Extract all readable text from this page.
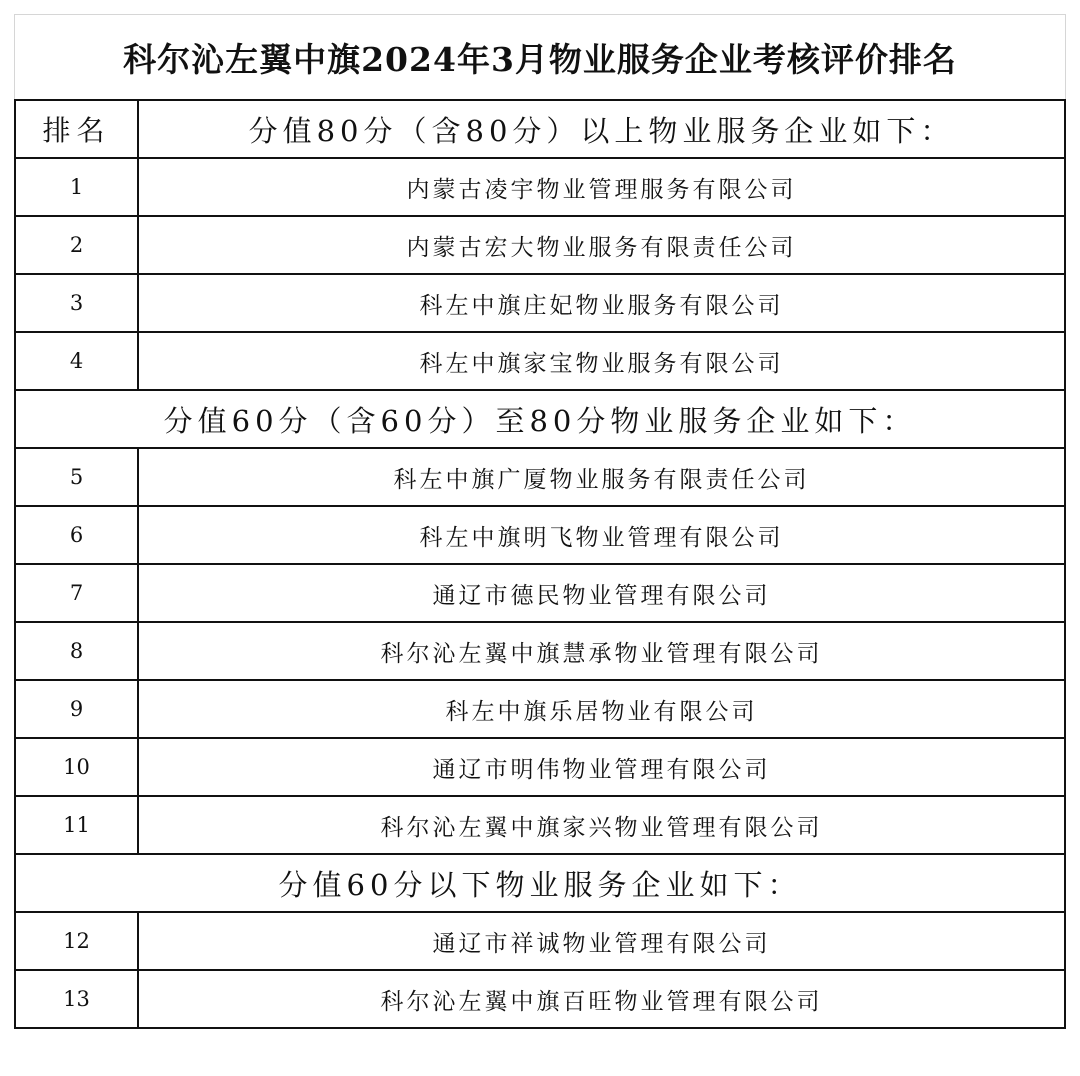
科尔沁左翼中旗2024年3月物业服务企业考核评价排名
排名	分值80分（含80分）以上物业服务企业如下：
1	内蒙古凌宇物业管理服务有限公司
2	内蒙古宏大物业服务有限责任公司
3	科左中旗庄妃物业服务有限公司
4	科左中旗家宝物业服务有限公司
分值60分（含60分）至80分物业服务企业如下：	
5	科左中旗广厦物业服务有限责任公司
6	科左中旗明飞物业管理有限公司
7	通辽市德民物业管理有限公司
8	科尔沁左翼中旗慧承物业管理有限公司
9	科左中旗乐居物业有限公司
10	通辽市明伟物业管理有限公司
11	科尔沁左翼中旗家兴物业管理有限公司
分值60分以下物业服务企业如下：	
12	通辽市祥诚物业管理有限公司
13	科尔沁左翼中旗百旺物业管理有限公司
